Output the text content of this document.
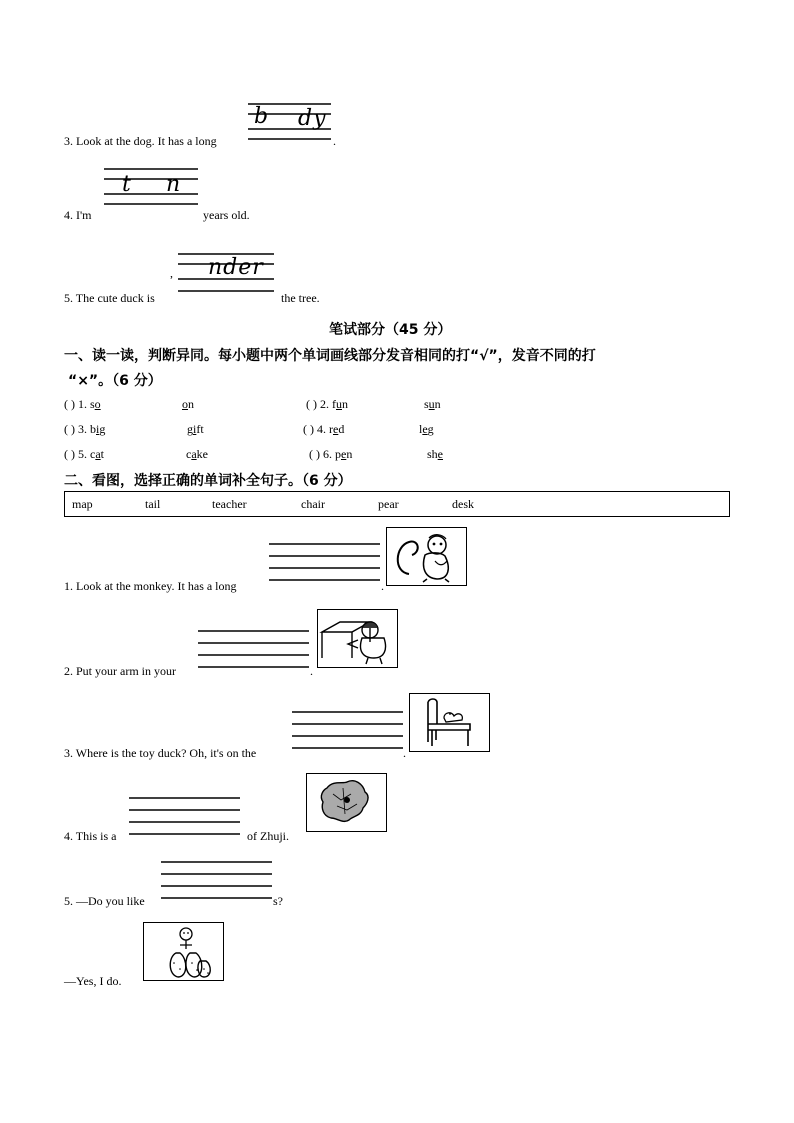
b dy
3. Look at the dog. It has a long	.
t n
4. I'm	years old.
, nder
5. The cute duck is	the tree.
笔试部分（45 分）
一、读一读，判断异同。每小题中两个单词画线部分发音相同的打“√”，发音不同的打
“×”。（6 分）
( ) 1. so	on	( ) 2. fun	sun
( ) 3. big	gift	( ) 4. red	leg
( ) 5. cat	cake	( ) 6. pen	she
二、看图，选择正确的单词补全句子。（6 分）
map	tail	teacher	chair	pear	desk
1. Look at the monkey. It has a long	.
2. Put your arm in your	.
3. Where is the toy duck? Oh, it's on the	.
4. This is a	of Zhuji.
5. —Do you like	s?
—Yes, I do.
